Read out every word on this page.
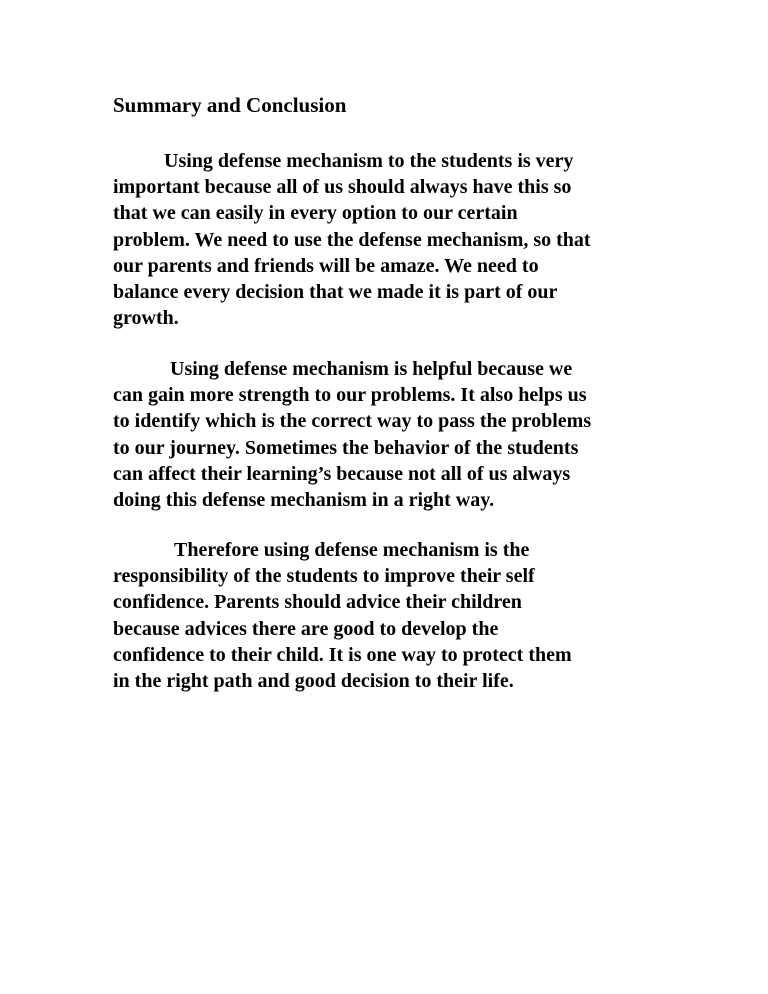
Summary and Conclusion

Using defense mechanism to the students is very
important because all of us should always have this so
that we can easily in every option to our certain
problem. We need to use the defense mechanism, so that
our parents and friends will be amaze. We need to
balance every decision that we made it is part of our
growth.

Using defense mechanism is helpful because we
can gain more strength to our problems. It also helps us
to identify which is the correct way to pass the problems
to our journey. Sometimes the behavior of the students
can affect their learning’s because not all of us always
doing this defense mechanism in a right way.

Therefore using defense mechanism is the
responsibility of the students to improve their self
confidence. Parents should advice their children
because advices there are good to develop the
confidence to their child. It is one way to protect them
in the right path and good decision to their life.
